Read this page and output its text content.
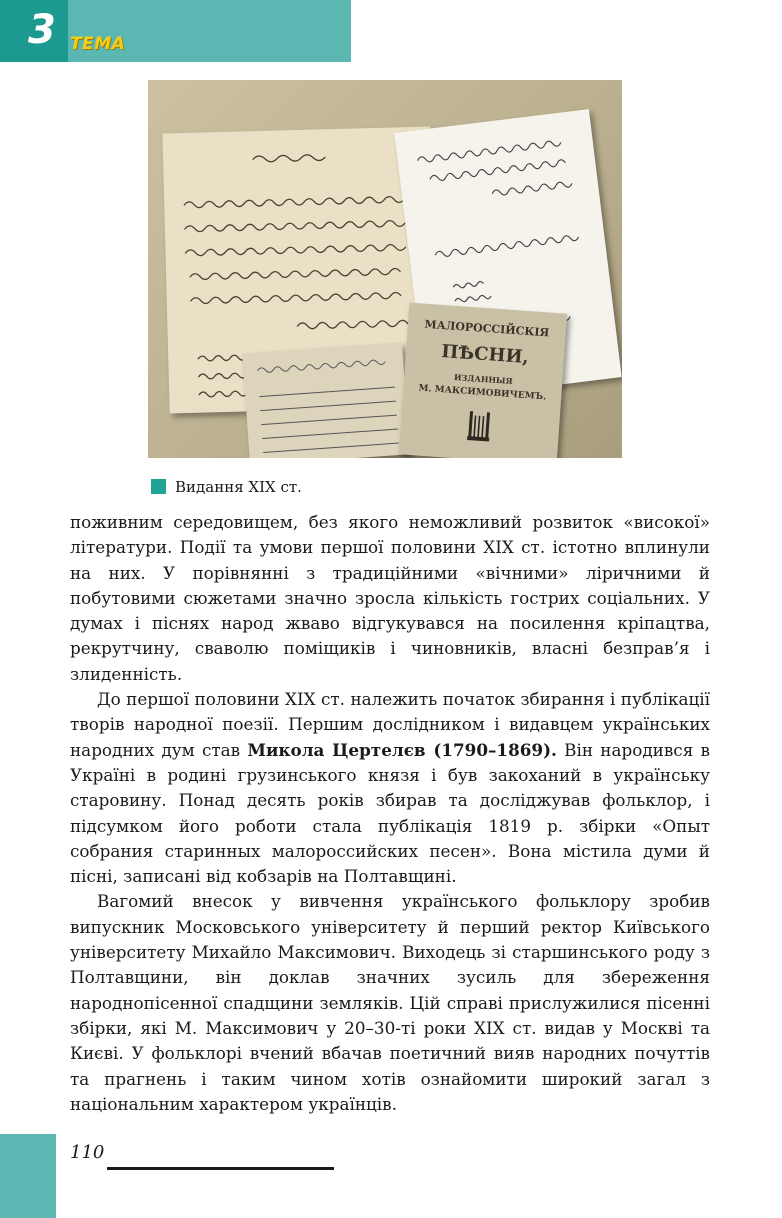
3 ТЕМА
МАЛОРОССІЙСКІЯ
ПѢСНИ,
ИЗДАННЫЯ
М. МАКСИМОВИЧЕМЪ.
Видання XIX ст.

поживним середовищем, без якого неможливий розвиток «високої» літератури. Події та умови першої половини XIX ст. істотно вплинули на них. У порівнянні з традиційними «вічними» ліричними й побутовими сюжетами значно зросла кількість гострих соціальних. У думах і піснях народ жваво відгукувався на посилення кріпацтва, рекрутчину, сваволю поміщиків і чиновників, власні безправ’я і злиденність.

До першої половини XIX ст. належить початок збирання і публікації творів народної поезії. Першим дослідником і видавцем українських народних дум став Микола Цертелєв (1790–1869). Він народився в Україні в родині грузинського князя і був закоханий в українську старовину. Понад десять років збирав та досліджував фольклор, і підсумком його роботи стала публікація 1819 р. збірки «Опыт собрания старинных малороссийских песен». Вона містила думи й пісні, записані від кобзарів на Полтавщині.

Вагомий внесок у вивчення українського фольклору зробив випускник Московського університету й перший ректор Київського університету Михайло Максимович. Виходець зі старшинського роду з Полтавщини, він доклав значних зусиль для збереження народнопісенної спадщини земляків. Цій справі прислужилися пісенні збірки, які М. Максимович у 20–30-ті роки XIX ст. видав у Москві та Києві. У фольклорі вчений вбачав поетичний вияв народних почуттів та прагнень і таким чином хотів ознайомити широкий загал з національним характером українців.

110
